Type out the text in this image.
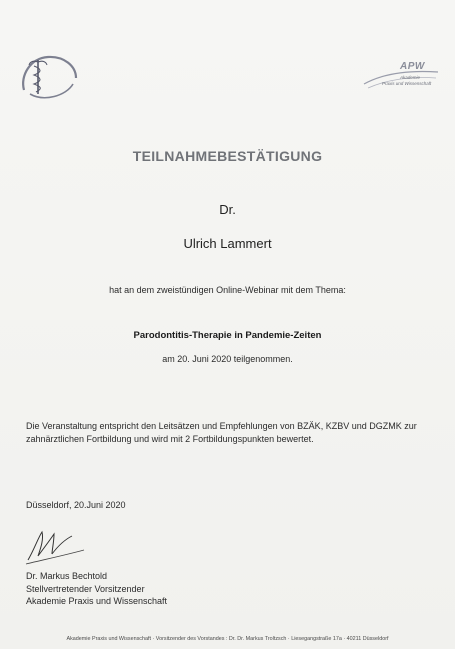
APW
Akademie
Praxis und Wissenschaft
TEILNAHMEBESTÄTIGUNG
Dr.
Ulrich Lammert
hat an dem zweistündigen Online-Webinar mit dem Thema:
Parodontitis-Therapie in Pandemie-Zeiten
am 20. Juni 2020 teilgenommen.
Die Veranstaltung entspricht den Leitsätzen und Empfehlungen von BZÄK, KZBV und DGZMK zur
zahnärztlichen Fortbildung und wird mit 2 Fortbildungspunkten bewertet.
Düsseldorf, 20.Juni 2020
Dr. Markus Bechtold
Stellvertretender Vorsitzender
Akademie Praxis und Wissenschaft
Akademie Praxis und Wissenschaft · Vorsitzender des Vorstandes : Dr. Dr. Markus Troltzsch · Liesegangstraße 17a · 40211 Düsseldorf
